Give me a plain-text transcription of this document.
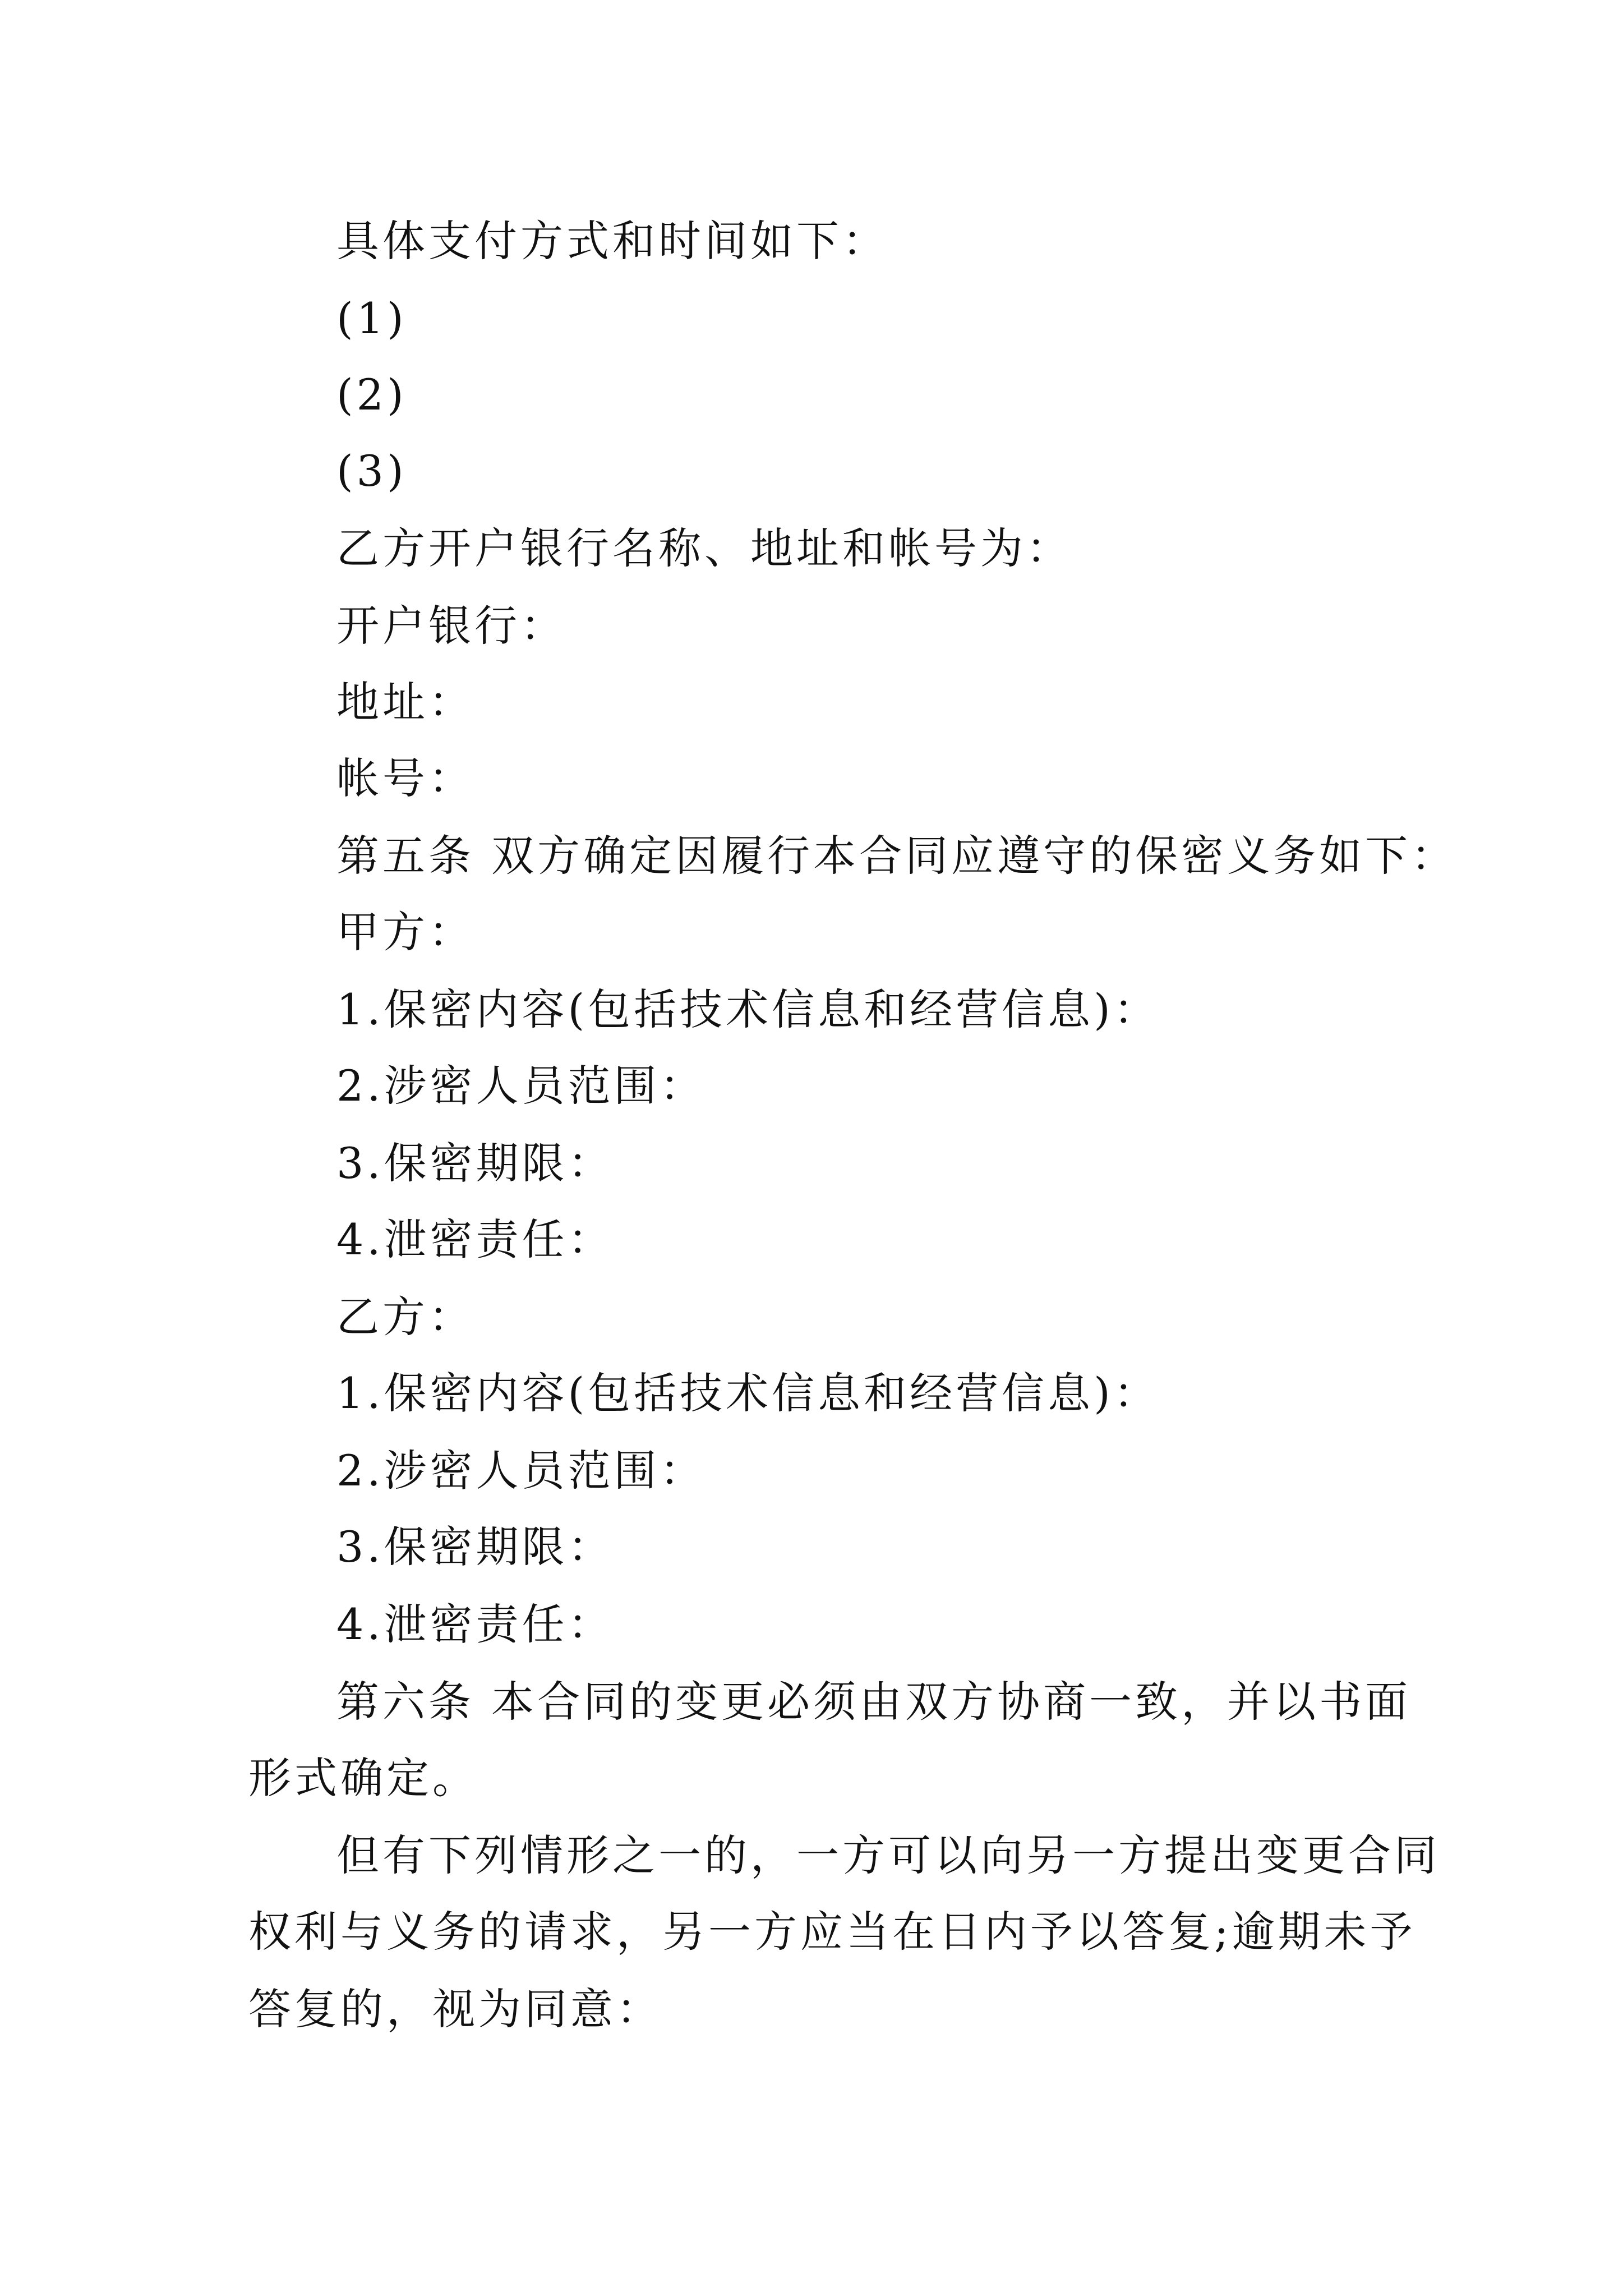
具体支付方式和时间如下：
(1)
(2)
(3)
乙方开户银行名称、地址和帐号为：
开户银行：
地址：
帐号：
第五条 双方确定因履行本合同应遵守的保密义务如下：
甲方：
1.保密内容(包括技术信息和经营信息)：
2.涉密人员范围：
3.保密期限：
4.泄密责任：
乙方：
1.保密内容(包括技术信息和经营信息)：
2.涉密人员范围：
3.保密期限：
4.泄密责任：
第六条 本合同的变更必须由双方协商一致，并以书面
形式确定。
但有下列情形之一的，一方可以向另一方提出变更合同
权利与义务的请求，另一方应当在日内予以答复;逾期未予
答复的，视为同意：
